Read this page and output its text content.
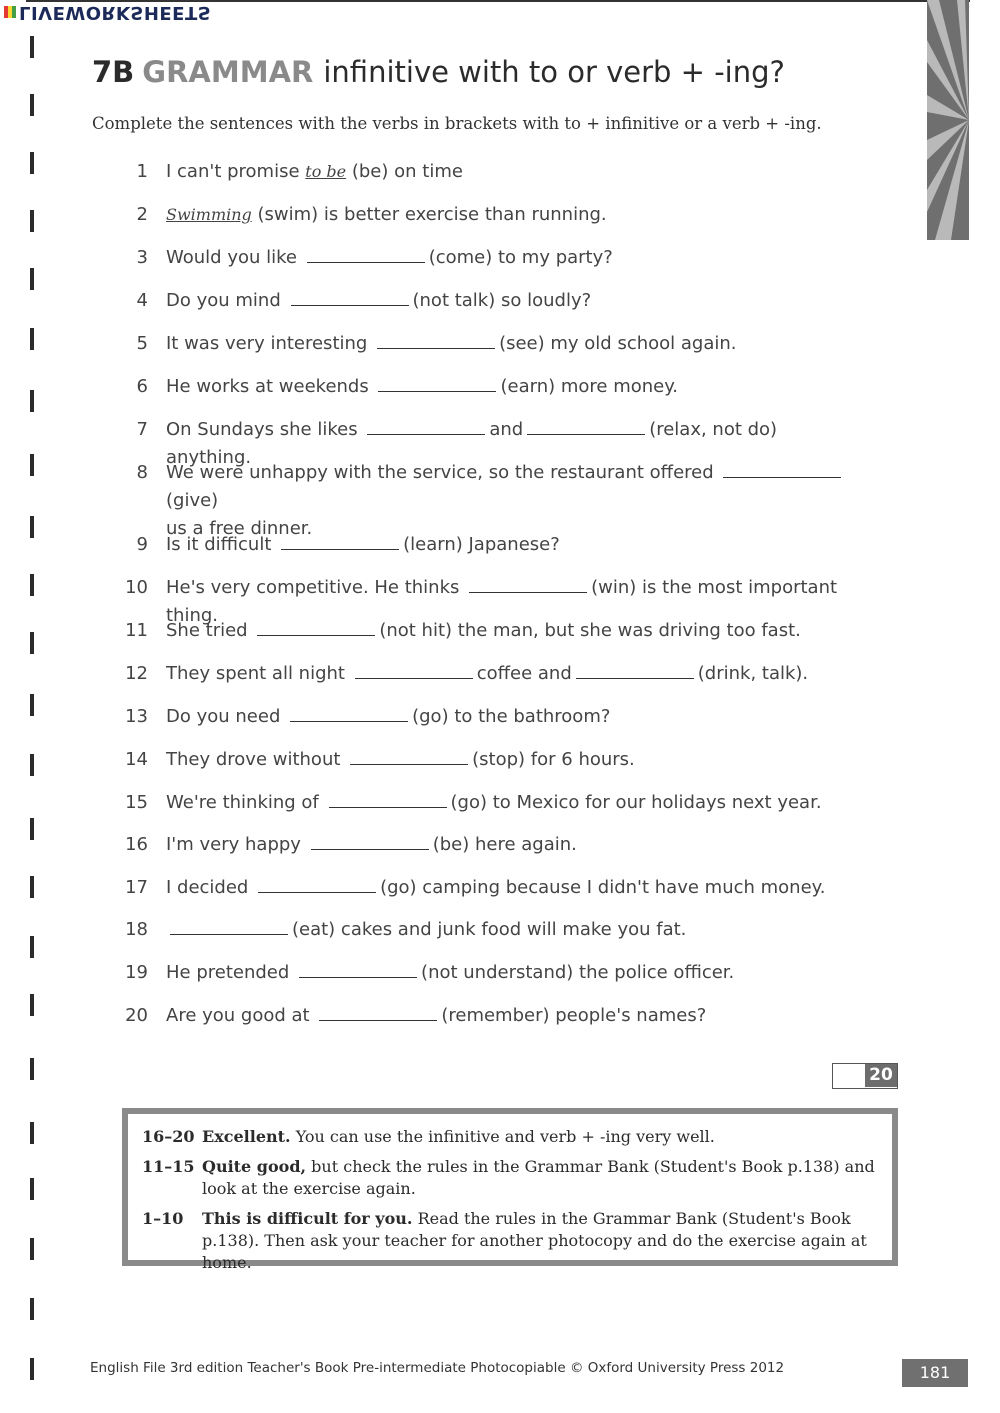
LIVEWORKSHEETS
7B GRAMMAR infinitive with to or verb + -ing?
Complete the sentences with the verbs in brackets with to + infinitive or a verb + -ing.
1 I can't promise to be (be) on time
2 Swimming (swim) is better exercise than running.
3 Would you like	(come) to my party?
4 Do you mind	(not talk) so loudly?
5 It was very interesting	(see) my old school again.
6 He works at weekends	(earn) more money.
7 On Sundays she likes	and	(relax, not do) anything.
8 We were unhappy with the service, so the restaurant offered (give)
us a free dinner.
9 Is it difficult	(learn) Japanese?
10 He's very competitive. He thinks	(win) is the most important thing.
11 She tried	(not hit) the man, but she was driving too fast.
12 They spent all night	coffee and	(drink, talk).
13 Do you need	(go) to the bathroom?
14 They drove without	(stop) for 6 hours.
15 We're thinking of	(go) to Mexico for our holidays next year.
16 I'm very happy	(be) here again.
17 I decided	(go) camping because I didn't have much money.
18	(eat) cakes and junk food will make you fat.
19 He pretended	(not understand) the police officer.
20 Are you good at	(remember) people's names?
20
16–20 Excellent. You can use the infinitive and verb + -ing very well.
11–15 Quite good, but check the rules in the Grammar Bank (Student's Book p.138) and look at the exercise again.
1–10 This is difficult for you. Read the rules in the Grammar Bank (Student's Book p.138). Then ask your teacher for another photocopy and do the exercise again at home.
English File 3rd edition Teacher's Book Pre-intermediate Photocopiable © Oxford University Press 2012	181
